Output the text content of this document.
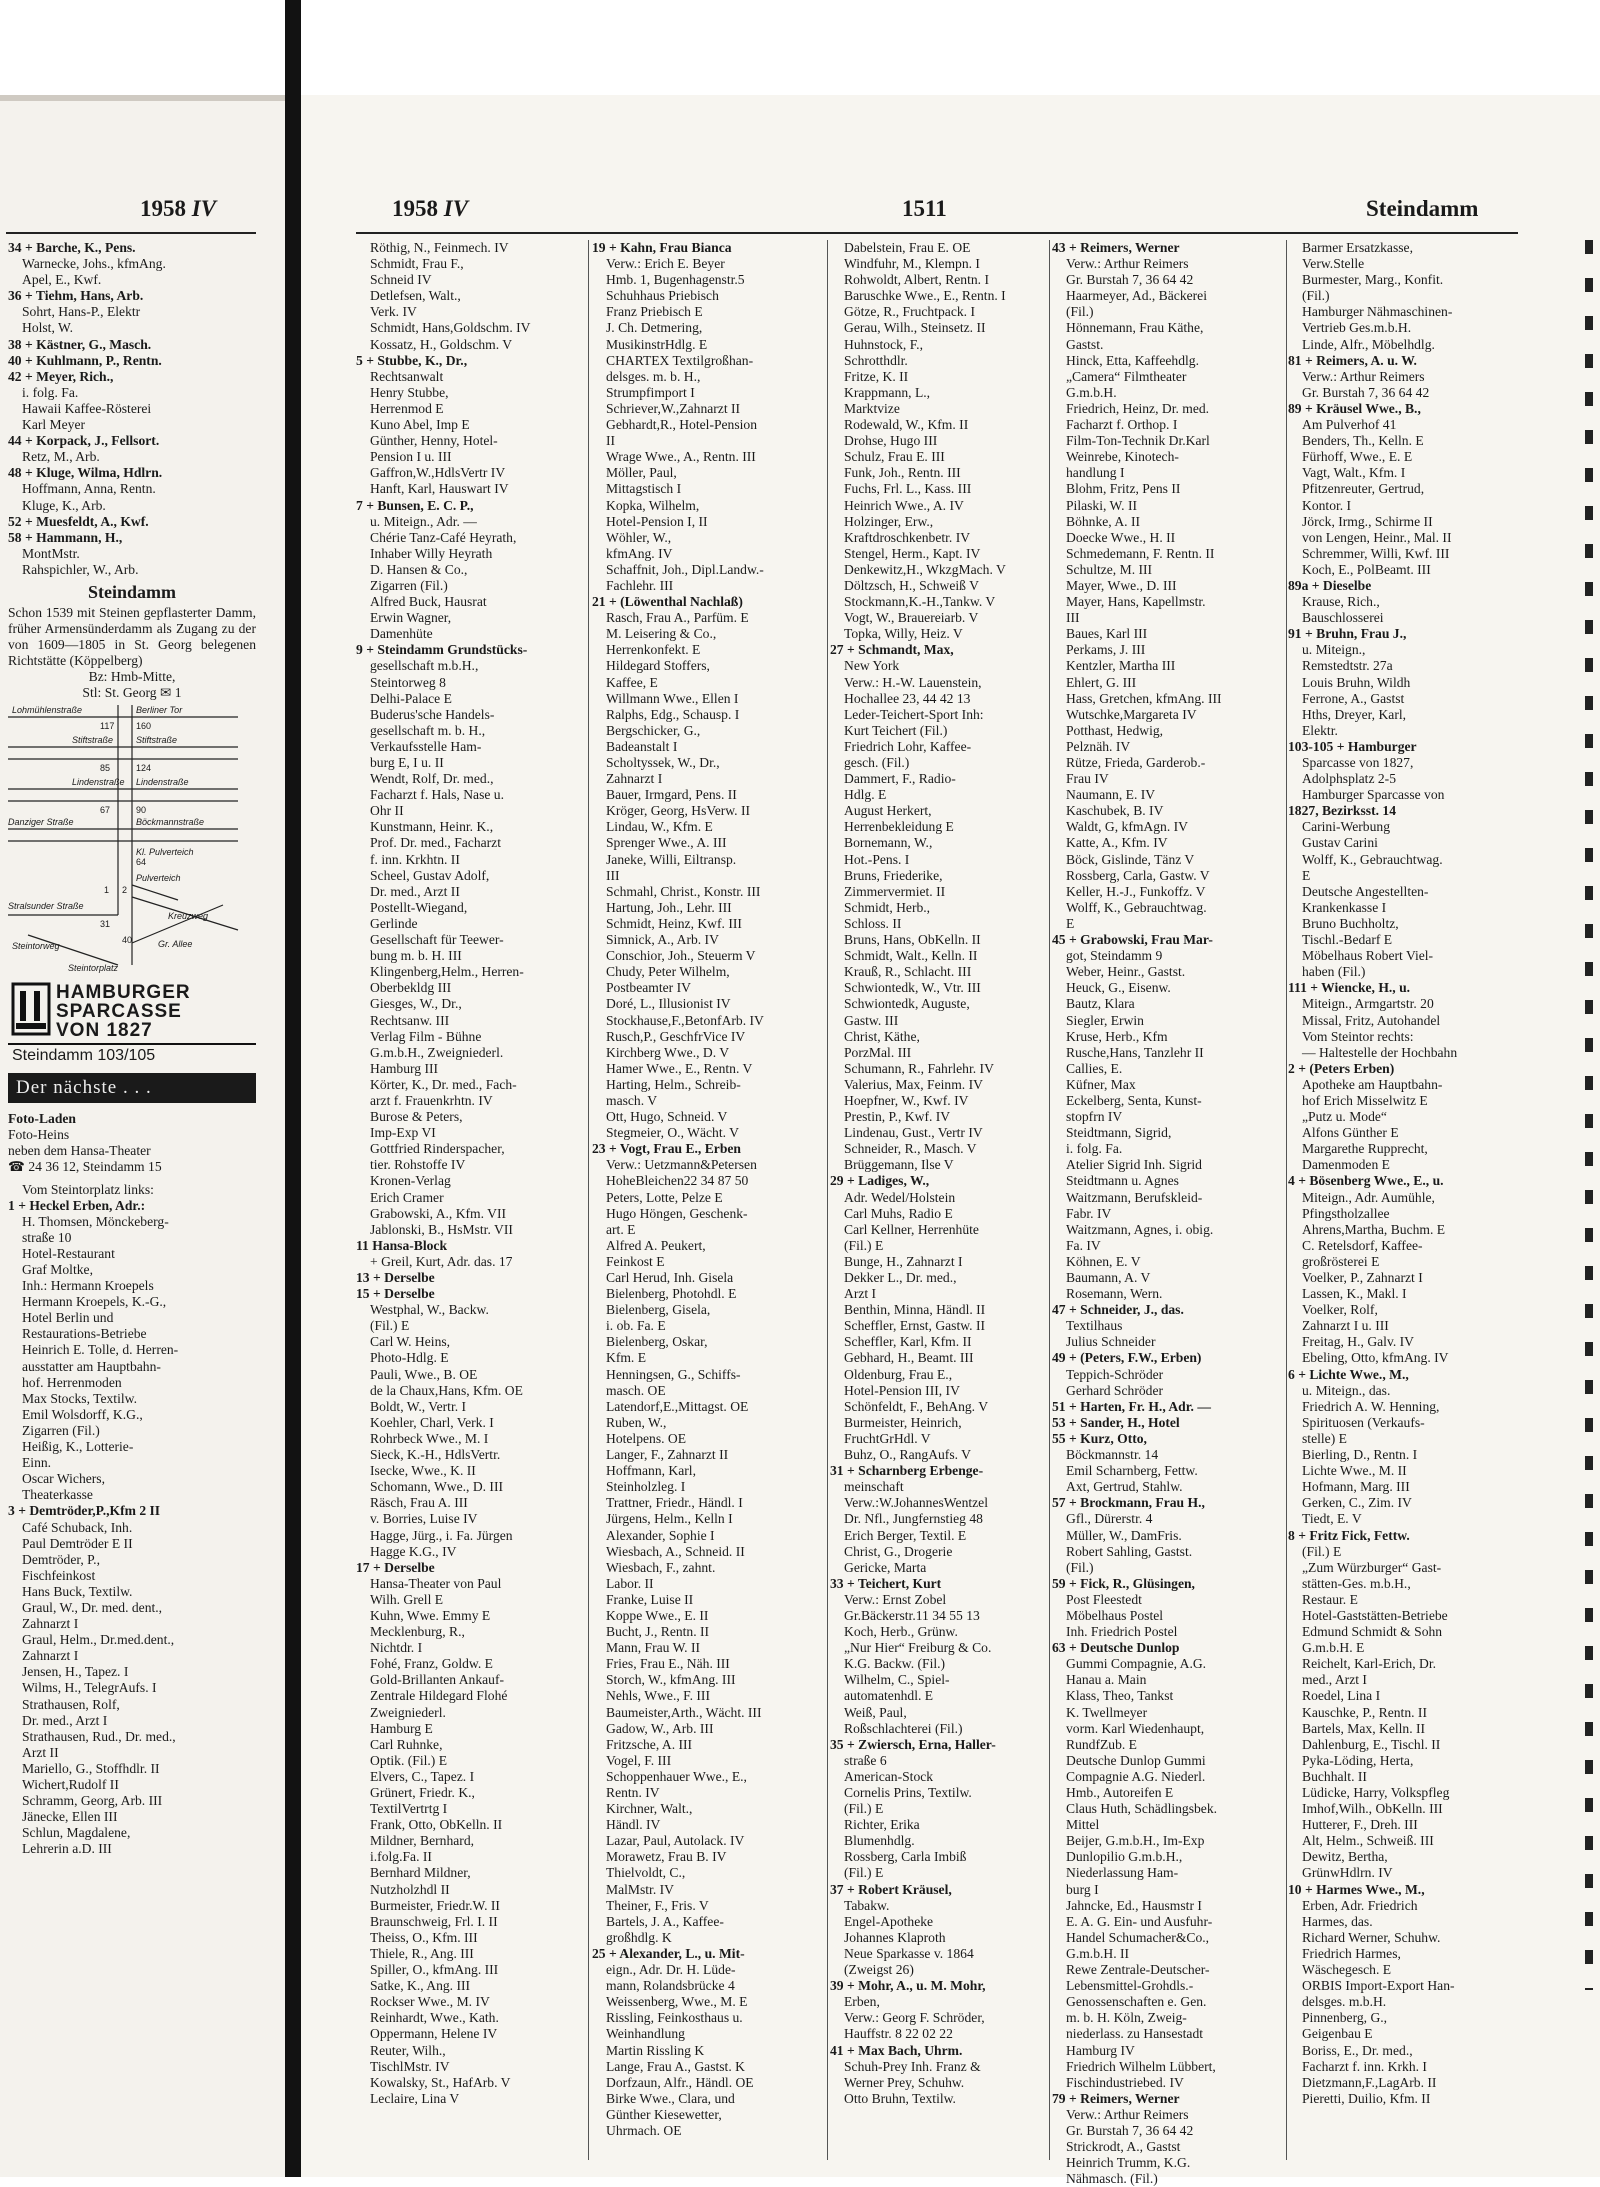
1958 IV	1958 IV	1511	Steindamm
34 + Barche, K., Pens.
Warnecke, Johs., kfmAng.
Apel, E., Kwf.
36 + Tiehm, Hans, Arb.
Sohrt, Hans-P., Elektr
Holst, W.
38 + Kästner, G., Masch.
40 + Kuhlmann, P., Rentn.
42 + Meyer, Rich.,
i. folg. Fa.
Hawaii Kaffee-Rösterei
Karl Meyer
44 + Korpack, J., Fellsort.
Retz, M., Arb.
48 + Kluge, Wilma, Hdlrn.
Hoffmann, Anna, Rentn.
Kluge, K., Arb.
52 + Muesfeldt, A., Kwf.
58 + Hammann, H.,
MontMstr.
Rahspichler, W., Arb.
Steindamm
Schon 1539 mit Steinen gepflasterter Damm, früher Armensünderdamm als Zugang zu der von 1609—1805 in St. Georg belegenen Richtstätte (Köppelberg)
Bz: Hmb-Mitte,
Stl: St. Georg ✉ 1
Lohmühlenstraße	Berliner Tor
Stiftstraße	Stiftstraße
Lindenstraße Lindenstraße
Danziger Straße	Böckmannstraße
Stralsunder Straße
Kl. Pulverteich
Pulverteich
Kreuzweg
Steintorweg	Gr. Allee
Steintorplatz
117 160
85	124
67	90
64
31
40
1 2
HAMBURGER
SPARCASSE
VON 1827
Steindamm 103/105
Der nächste . . .
Foto-Laden
Foto-Heins
neben dem Hansa-Theater
☎ 24 36 12, Steindamm 15
Vom Steintorplatz links:
1 + Heckel Erben, Adr.:
H. Thomsen, Mönckeberg-
straße 10
Hotel-Restaurant
Graf Moltke,
Inh.: Hermann Kroepels
Hermann Kroepels, K.-G.,
Hotel Berlin und
Restaurations-Betriebe
Heinrich E. Tolle, d. Herren-
ausstatter am Hauptbahn-
hof. Herrenmoden
Max Stocks, Textilw.
Emil Wolsdorff, K.G.,
Zigarren (Fil.)
Heißig, K., Lotterie-
Einn.
Oscar Wichers,
Theaterkasse
3 + Demtröder,P.,Kfm 2 II
Café Schuback, Inh.
Paul Demtröder E II
Demtröder, P.,
Fischfeinkost
Hans Buck, Textilw.
Graul, W., Dr. med. dent.,
Zahnarzt I
Graul, Helm., Dr.med.dent.,
Zahnarzt I
Jensen, H., Tapez. I
Wilms, H., TelegrAufs. I
Strathausen, Rolf,
Dr. med., Arzt I
Strathausen, Rud., Dr. med.,
Arzt II
Mariello, G., Stoffhdlr. II
Wichert,Rudolf II
Schramm, Georg, Arb. III
Jänecke, Ellen III
Schlun, Magdalene,
Lehrerin a.D. III
Röthig, N., Feinmech. IV
Schmidt, Frau F.,
Schneid IV
Detlefsen, Walt.,
Verk. IV
Schmidt, Hans,Goldschm. IV
Kossatz, H., Goldschm. V
5 + Stubbe, K., Dr.,
Rechtsanwalt
Henry Stubbe,
Herrenmod E
Kuno Abel, Imp E
Günther, Henny, Hotel-
Pension I u. III
Gaffron,W.,HdlsVertr IV
Hanft, Karl, Hauswart IV
7 + Bunsen, E. C. P.,
u. Miteign., Adr. —
Chérie Tanz-Café Heyrath,
Inhaber Willy Heyrath
D. Hansen & Co.,
Zigarren (Fil.)
Alfred Buck, Hausrat
Erwin Wagner,
Damenhüte
9 + Steindamm Grundstücks-
gesellschaft m.b.H.,
Steintorweg 8
Delhi-Palace E
Buderus'sche Handels-
gesellschaft m. b. H.,
Verkaufsstelle Ham-
burg E, I u. II
Wendt, Rolf, Dr. med.,
Facharzt f. Hals, Nase u.
Ohr II
Kunstmann, Heinr. K.,
Prof. Dr. med., Facharzt
f. inn. Krkhtn. II
Scheel, Gustav Adolf,
Dr. med., Arzt II
Postellt-Wiegand,
Gerlinde
Gesellschaft für Teewer-
bung m. b. H. III
Klingenberg,Helm., Herren-
Oberbekldg III
Giesges, W., Dr.,
Rechtsanw. III
Verlag Film - Bühne
G.m.b.H., Zweigniederl.
Hamburg III
Körter, K., Dr. med., Fach-
arzt f. Frauenkrhtn. IV
Burose & Peters,
Imp-Exp VI
Gottfried Rinderspacher,
tier. Rohstoffe IV
Kronen-Verlag
Erich Cramer
Grabowski, A., Kfm. VII
Jablonski, B., HsMstr. VII
11 Hansa-Block
+ Greil, Kurt, Adr. das. 17
13 + Derselbe
15 + Derselbe
Westphal, W., Backw.
(Fil.) E
Carl W. Heins,
Photo-Hdlg. E
Pauli, Wwe., B. OE
de la Chaux,Hans, Kfm. OE
Boldt, W., Vertr. I
Koehler, Charl, Verk. I
Rohrbeck Wwe., M. I
Sieck, K.-H., HdlsVertr.
Isecke, Wwe., K. II
Schomann, Wwe., D. III
Räsch, Frau A. III
v. Borries, Luise IV
Hagge, Jürg., i. Fa. Jürgen
Hagge K.G., IV
17 + Derselbe
Hansa-Theater von Paul
Wilh. Grell E
Kuhn, Wwe. Emmy E
Mecklenburg, R.,
Nichtdr. I
Fohé, Franz, Goldw. E
Gold-Brillanten Ankauf-
Zentrale Hildegard Flohé
Zweigniederl.
Hamburg E
Carl Ruhnke,
Optik. (Fil.) E
Elvers, C., Tapez. I
Grünert, Friedr. K.,
TextilVertrtg I
Frank, Otto, ObKelln. II
Mildner, Bernhard,
i.folg.Fa. II
Bernhard Mildner,
Nutzholzhdl II
Burmeister, Friedr.W. II
Braunschweig, Frl. I. II
Theiss, O., Kfm. III
Thiele, R., Ang. III
Spiller, O., kfmAng. III
Satke, K., Ang. III
Rockser Wwe., M. IV
Reinhardt, Wwe., Kath.
Oppermann, Helene IV
Reuter, Wilh.,
TischlMstr. IV
Kowalsky, St., HafArb. V
Leclaire, Lina V
19 + Kahn, Frau Bianca
Verw.: Erich E. Beyer
Hmb. 1, Bugenhagenstr.5
Schuhhaus Priebisch
Franz Priebisch E
J. Ch. Detmering,
MusikinstrHdlg. E
CHARTEX Textilgroßhan-
delsges. m. b. H.,
Strumpfimport I
Schriever,W.,Zahnarzt II
Gebhardt,R., Hotel-Pension
II
Wrage Wwe., A., Rentn. III
Möller, Paul,
Mittagstisch I
Kopka, Wilhelm,
Hotel-Pension I, II
Wöhler, W.,
kfmAng. IV
Schaffnit, Joh., Dipl.Landw.-
Fachlehr. III
21 + (Löwenthal Nachlaß)
Rasch, Frau A., Parfüm. E
M. Leisering & Co.,
Herrenkonfekt. E
Hildegard Stoffers,
Kaffee, E
Willmann Wwe., Ellen I
Ralphs, Edg., Schausp. I
Bergschicker, G.,
Badeanstalt I
Scholtyssek, W., Dr.,
Zahnarzt I
Bauer, Irmgard, Pens. II
Kröger, Georg, HsVerw. II
Lindau, W., Kfm. E
Sprenger Wwe., A. III
Janeke, Willi, Eiltransp.
III
Schmahl, Christ., Konstr. III
Hartung, Joh., Lehr. III
Schmidt, Heinz, Kwf. III
Simnick, A., Arb. IV
Conschior, Joh., Steuerm V
Chudy, Peter Wilhelm,
Postbeamter IV
Doré, L., Illusionist IV
Stockhause,F.,BetonfArb. IV
Rusch,P., GeschfrVice IV
Kirchberg Wwe., D. V
Hamer Wwe., E., Rentn. V
Harting, Helm., Schreib-
masch. V
Ott, Hugo, Schneid. V
Stegmeier, O., Wächt. V
23 + Vogt, Frau E., Erben
Verw.: Uetzmann&Petersen
HoheBleichen22 34 87 50
Peters, Lotte, Pelze E
Hugo Höngen, Geschenk-
art. E
Alfred A. Peukert,
Feinkost E
Carl Herud, Inh. Gisela
Bielenberg, Photohdl. E
Bielenberg, Gisela,
i. ob. Fa. E
Bielenberg, Oskar,
Kfm. E
Henningsen, G., Schiffs-
masch. OE
Latendorf,E.,Mittagst. OE
Ruben, W.,
Hotelpens. OE
Langer, F., Zahnarzt II
Hoffmann, Karl,
Steinholzleg. I
Trattner, Friedr., Händl. I
Jürgens, Helm., Kelln I
Alexander, Sophie I
Wiesbach, A., Schneid. II
Wiesbach, F., zahnt.
Labor. II
Franke, Luise II
Koppe Wwe., E. II
Bucht, J., Rentn. II
Mann, Frau W. II
Fries, Frau E., Näh. III
Storch, W., kfmAng. III
Nehls, Wwe., F. III
Baumeister,Arth., Wächt. III
Gadow, W., Arb. III
Fritzsche, A. III
Vogel, F. III
Schoppenhauer Wwe., E.,
Rentn. IV
Kirchner, Walt.,
Händl. IV
Lazar, Paul, Autolack. IV
Morawetz, Frau B. IV
Thielvoldt, C.,
MalMstr. IV
Theiner, F., Fris. V
Bartels, J. A., Kaffee-
großhdlg. K
25 + Alexander, L., u. Mit-
eign., Adr. Dr. H. Lüde-
mann, Rolandsbrücke 4
Weissenberg, Wwe., M. E
Rissling, Feinkosthaus u.
Weinhandlung
Martin Rissling K
Lange, Frau A., Gastst. K
Dorfzaun, Alfr., Händl. OE
Birke Wwe., Clara, und
Günther Kiesewetter,
Uhrmach. OE
Dabelstein, Frau E. OE
Windfuhr, M., Klempn. I
Rohwoldt, Albert, Rentn. I
Baruschke Wwe., E., Rentn. I
Götze, R., Fruchtpack. I
Gerau, Wilh., Steinsetz. II
Huhnstock, F.,
Schrotthdlr.
Fritze, K. II
Krappmann, L.,
Marktvize
Rodewald, W., Kfm. II
Drohse, Hugo III
Schulz, Frau E. III
Funk, Joh., Rentn. III
Fuchs, Frl. L., Kass. III
Heinrich Wwe., A. IV
Holzinger, Erw.,
Kraftdroschkenbetr. IV
Stengel, Herm., Kapt. IV
Denkewitz,H., WkzgMach. V
Döltzsch, H., Schweiß V
Stockmann,K.-H.,Tankw. V
Vogt, W., Brauereiarb. V
Topka, Willy, Heiz. V
27 + Schmandt, Max,
New York
Verw.: H.-W. Lauenstein,
Hochallee 23, 44 42 13
Leder-Teichert-Sport Inh:
Kurt Teichert (Fil.)
Friedrich Lohr, Kaffee-
gesch. (Fil.)
Dammert, F., Radio-
Hdlg. E
August Herkert,
Herrenbekleidung E
Bornemann, W.,
Hot.-Pens. I
Bruns, Friederike,
Zimmervermiet. II
Schmidt, Herb.,
Schloss. II
Bruns, Hans, ObKelln. II
Schmidt, Walt., Kelln. II
Krauß, R., Schlacht. III
Schwiontedk, W., Vtr. III
Schwiontedk, Auguste,
Gastw. III
Christ, Käthe,
PorzMal. III
Schumann, R., Fahrlehr. IV
Valerius, Max, Feinm. IV
Hoepfner, W., Kwf. IV
Prestin, P., Kwf. IV
Lindenau, Gust., Vertr IV
Schneider, R., Masch. V
Brüggemann, Ilse V
29 + Ladiges, W.,
Adr. Wedel/Holstein
Carl Muhs, Radio E
Carl Kellner, Herrenhüte
(Fil.) E
Bunge, H., Zahnarzt I
Dekker L., Dr. med.,
Arzt I
Benthin, Minna, Händl. II
Scheffler, Ernst, Gastw. II
Scheffler, Karl, Kfm. II
Gebhard, H., Beamt. III
Oldenburg, Frau E.,
Hotel-Pension III, IV
Schönfeldt, F., BehAng. V
Burmeister, Heinrich,
FruchtGrHdl. V
Buhz, O., RangAufs. V
31 + Scharnberg Erbenge-
meinschaft
Verw.:W.JohannesWentzel
Dr. Nfl., Jungfernstieg 48
Erich Berger, Textil. E
Christ, G., Drogerie
Gericke, Marta
33 + Teichert, Kurt
Verw.: Ernst Zobel
Gr.Bäckerstr.11 34 55 13
Koch, Herb., Grünw.
„Nur Hier“ Freiburg & Co.
K.G. Backw. (Fil.)
Wilhelm, C., Spiel-
automatenhdl. E
Weiß, Paul,
Roßschlachterei (Fil.)
35 + Zwiersch, Erna, Haller-
straße 6
American-Stock
Cornelis Prins, Textilw.
(Fil.) E
Richter, Erika
Blumenhdlg.
Rossberg, Carla Imbiß
(Fil.) E
37 + Robert Kräusel,
Tabakw.
Engel-Apotheke
Johannes Klaproth
Neue Sparkasse v. 1864
(Zweigst 26)
39 + Mohr, A., u. M. Mohr,
Erben,
Verw.: Georg F. Schröder,
Hauffstr. 8 22 02 22
41 + Max Bach, Uhrm.
Schuh-Prey Inh. Franz &
Werner Prey, Schuhw.
Otto Bruhn, Textilw.
43 + Reimers, Werner
Verw.: Arthur Reimers
Gr. Burstah 7, 36 64 42
Haarmeyer, Ad., Bäckerei
(Fil.)
Hönnemann, Frau Käthe,
Gastst.
Hinck, Etta, Kaffeehdlg.
„Camera“ Filmtheater
G.m.b.H.
Friedrich, Heinz, Dr. med.
Facharzt f. Orthop. I
Film-Ton-Technik Dr.Karl
Weinrebe, Kinotech-
handlung I
Blohm, Fritz, Pens II
Pilaski, W. II
Böhnke, A. II
Doecke Wwe., H. II
Schmedemann, F. Rentn. II
Schultze, M. III
Mayer, Wwe., D. III
Mayer, Hans, Kapellmstr.
III
Baues, Karl III
Perkams, J. III
Kentzler, Martha III
Ehlert, G. III
Hass, Gretchen, kfmAng. III
Wutschke,Margareta IV
Potthast, Hedwig,
Pelznäh. IV
Rütze, Frieda, Garderob.-
Frau IV
Naumann, E. IV
Kaschubek, B. IV
Waldt, G, kfmAgn. IV
Katte, A., Kfm. IV
Böck, Gislinde, Tänz V
Rossberg, Carla, Gastw. V
Keller, H.-J., Funkoffz. V
Wolff, K., Gebrauchtwag.
E
45 + Grabowski, Frau Mar-
got, Steindamm 9
Weber, Heinr., Gastst.
Heuck, G., Eisenw.
Bautz, Klara
Siegler, Erwin
Kruse, Herb., Kfm
Rusche,Hans, Tanzlehr II
Callies, E.
Küfner, Max
Eckelberg, Senta, Kunst-
stopfrn IV
Steidtmann, Sigrid,
i. folg. Fa.
Atelier Sigrid Inh. Sigrid
Steidtmann u. Agnes
Waitzmann, Berufskleid-
Fabr. IV
Waitzmann, Agnes, i. obig.
Fa. IV
Köhnen, E. V
Baumann, A. V
Rosemann, Wern.
47 + Schneider, J., das.
Textilhaus
Julius Schneider
49 + (Peters, F.W., Erben)
Teppich-Schröder
Gerhard Schröder
51 + Harten, Fr. H., Adr. —
53 + Sander, H., Hotel
55 + Kurz, Otto,
Böckmannstr. 14
Emil Scharnberg, Fettw.
Axt, Gertrud, Stahlw.
57 + Brockmann, Frau H.,
Gfl., Dürerstr. 4
Müller, W., DamFris.
Robert Sahling, Gastst.
(Fil.)
59 + Fick, R., Glüsingen,
Post Fleestedt
Möbelhaus Postel
Inh. Friedrich Postel
63 + Deutsche Dunlop
Gummi Compagnie, A.G.
Hanau a. Main
Klass, Theo, Tankst
K. Twellmeyer
vorm. Karl Wiedenhaupt,
RundfZub. E
Deutsche Dunlop Gummi
Compagnie A.G. Niederl.
Hmb., Autoreifen E
Claus Huth, Schädlingsbek.
Mittel
Beijer, G.m.b.H., Im-Exp
Dunlopilio G.m.b.H.,
Niederlassung Ham-
burg I
Jahncke, Ed., Hausmstr I
E. A. G. Ein- und Ausfuhr-
Handel Schumacher&Co.,
G.m.b.H. II
Rewe Zentrale-Deutscher-
Lebensmittel-Grohdls.-
Genossenschaften e. Gen.
m. b. H. Köln, Zweig-
niederlass. zu Hansestadt
Hamburg IV
Friedrich Wilhelm Lübbert,
Fischindustriebed. IV
79 + Reimers, Werner
Verw.: Arthur Reimers
Gr. Burstah 7, 36 64 42
Strickrodt, A., Gastst
Heinrich Trumm, K.G.
Nähmasch. (Fil.)
Barmer Ersatzkasse,
Verw.Stelle
Burmester, Marg., Konfit.
(Fil.)
Hamburger Nähmaschinen-
Vertrieb Ges.m.b.H.
Linde, Alfr., Möbelhdlg.
81 + Reimers, A. u. W.
Verw.: Arthur Reimers
Gr. Burstah 7, 36 64 42
89 + Kräusel Wwe., B.,
Am Pulverhof 41
Benders, Th., Kelln. E
Fürhoff, Wwe., E. E
Vagt, Walt., Kfm. I
Pfitzenreuter, Gertrud,
Kontor. I
Jörck, Irmg., Schirme II
von Lengen, Heinr., Mal. II
Schremmer, Willi, Kwf. III
Koch, E., PolBeamt. III
89a + Dieselbe
Krause, Rich.,
Bauschlosserei
91 + Bruhn, Frau J.,
u. Miteign.,
Remstedtstr. 27a
Louis Bruhn, Wildh
Ferrone, A., Gastst
Hths, Dreyer, Karl,
Elektr.
103-105 + Hamburger
Sparcasse von 1827,
Adolphsplatz 2-5
Hamburger Sparcasse von
1827, Bezirksst. 14
Carini-Werbung
Gustav Carini
Wolff, K., Gebrauchtwag.
E
Deutsche Angestellten-
Krankenkasse I
Bruno Buchholtz,
Tischl.-Bedarf E
Möbelhaus Robert Viel-
haben (Fil.)
111 + Wiencke, H., u.
Miteign., Armgartstr. 20
Missal, Fritz, Autohandel
Vom Steintor rechts:
— Haltestelle der Hochbahn
2 + (Peters Erben)
Apotheke am Hauptbahn-
hof Erich Misselwitz E
„Putz u. Mode“
Alfons Günther E
Margarethe Rupprecht,
Damenmoden E
4 + Bösenberg Wwe., E., u.
Miteign., Adr. Aumühle,
Pfingstholzallee
Ahrens,Martha, Buchm. E
C. Retelsdorf, Kaffee-
großrösterei E
Voelker, P., Zahnarzt I
Lassen, K., Makl. I
Voelker, Rolf,
Zahnarzt I u. III
Freitag, H., Galv. IV
Ebeling, Otto, kfmAng. IV
6 + Lichte Wwe., M.,
u. Miteign., das.
Friedrich A. W. Henning,
Spirituosen (Verkaufs-
stelle) E
Bierling, D., Rentn. I
Lichte Wwe., M. II
Hofmann, Marg. III
Gerken, C., Zim. IV
Tiedt, E. V
8 + Fritz Fick, Fettw.
(Fil.) E
„Zum Würzburger“ Gast-
stätten-Ges. m.b.H.,
Restaur. E
Hotel-Gaststätten-Betriebe
Edmund Schmidt & Sohn
G.m.b.H. E
Reichelt, Karl-Erich, Dr.
med., Arzt I
Roedel, Lina I
Kauschke, P., Rentn. II
Bartels, Max, Kelln. II
Dahlenburg, E., Tischl. II
Pyka-Löding, Herta,
Buchhalt. II
Lüdicke, Harry, Volkspfleg
Imhof,Wilh., ObKelln. III
Hutterer, F., Dreh. III
Alt, Helm., Schweiß. III
Dewitz, Bertha,
GrünwHdlrn. IV
10 + Harmes Wwe., M.,
Erben, Adr. Friedrich
Harmes, das.
Richard Werner, Schuhw.
Friedrich Harmes,
Wäschegesch. E
ORBIS Import-Export Han-
delsges. m.b.H.
Pinnenberg, G.,
Geigenbau E
Boriss, E., Dr. med.,
Facharzt f. inn. Krkh. I
Dietzmann,F.,LagArb. II
Pieretti, Duilio, Kfm. II
